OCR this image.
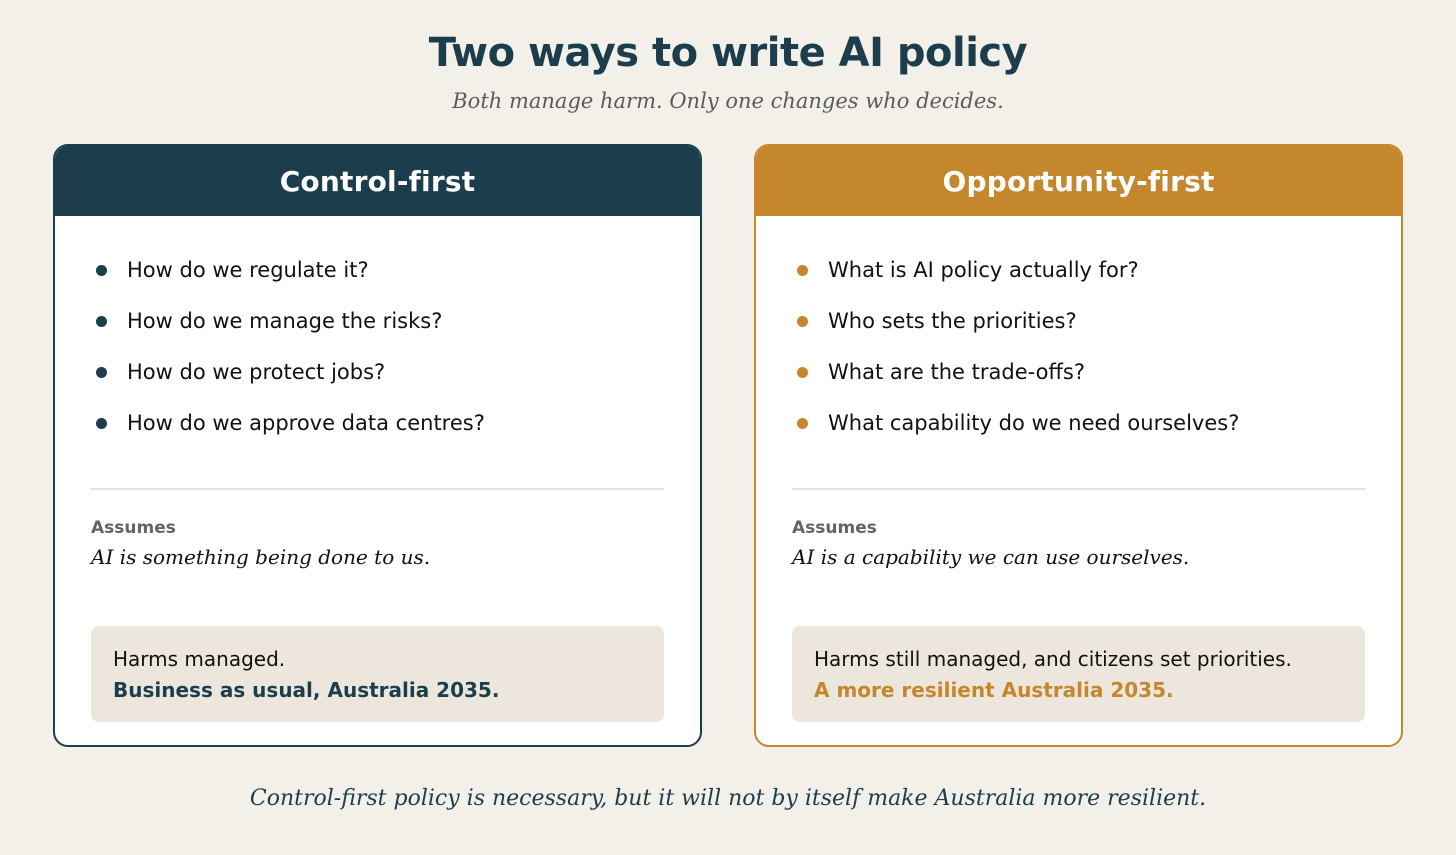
Two ways to write AI policy

Both manage harm. Only one changes who decides.

Control-first
How do we regulate it?
How do we manage the risks?
How do we protect jobs?
How do we approve data centres?
Assumes
AI is something being done to us.
Harms managed.
Business as usual, Australia 2035.
Opportunity-first
What is AI policy actually for?
Who sets the priorities?
What are the trade-offs?
What capability do we need ourselves?
Assumes
AI is a capability we can use ourselves.
Harms still managed, and citizens set priorities.
A more resilient Australia 2035.

Control-first policy is necessary, but it will not by itself make Australia more resilient.
